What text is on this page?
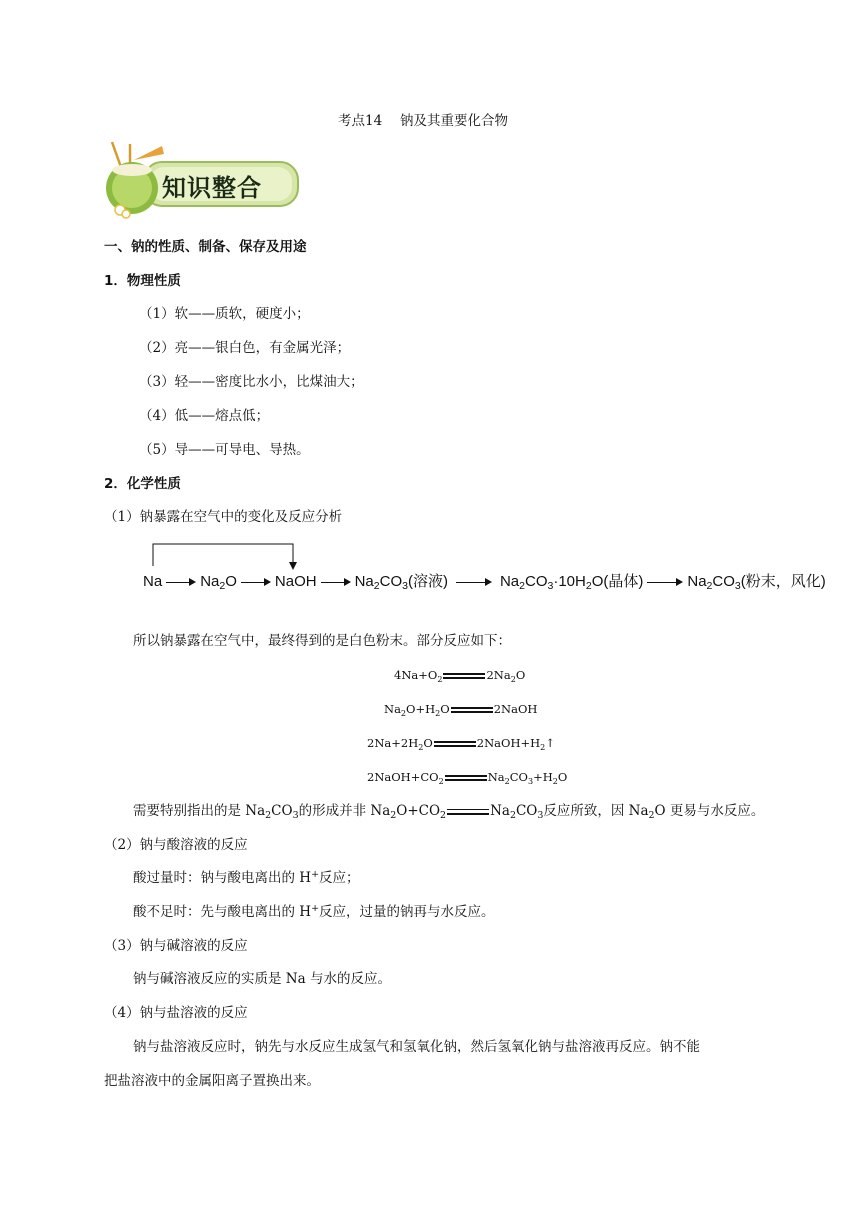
考点14　 钠及其重要化合物
知识整合
一、钠的性质、制备、保存及用途
1．物理性质
（1）软——质软，硬度小；
（2）亮——银白色，有金属光泽；
（3）轻——密度比水小，比煤油大；
（4）低——熔点低；
（5）导——可导电、导热。
2．化学性质
（1）钠暴露在空气中的变化及反应分析
Na	$Na_2O$	NaOH	$Na_2CO_3$(溶液)	$Na_2CO_3\cdot 10H_2O$(晶体)	$Na_2CO_3$(粉末，风化)
所以钠暴露在空气中，最终得到的是白色粉末。部分反应如下：
$4Na+O_2$	$2Na_2O$
$Na_2O+H_2O$	2NaOH
$2Na+2H_2O$	$2NaOH+H_2↑$
$2NaOH+CO_2$	$Na_2CO_3+H_2O$
需要特别指出的是 $Na_2CO_3$的形成并非 $Na_2O+CO_2$	$Na_2CO_3$反应所致，因 $Na_2O$ 更易与水反应。
（2）钠与酸溶液的反应
酸过量时：钠与酸电离出的 H+反应；
酸不足时：先与酸电离出的 H+反应，过量的钠再与水反应。
（3）钠与碱溶液的反应
钠与碱溶液反应的实质是 Na 与水的反应。
（4）钠与盐溶液的反应
钠与盐溶液反应时，钠先与水反应生成氢气和氢氧化钠，然后氢氧化钠与盐溶液再反应。钠不能
把盐溶液中的金属阳离子置换出来。
